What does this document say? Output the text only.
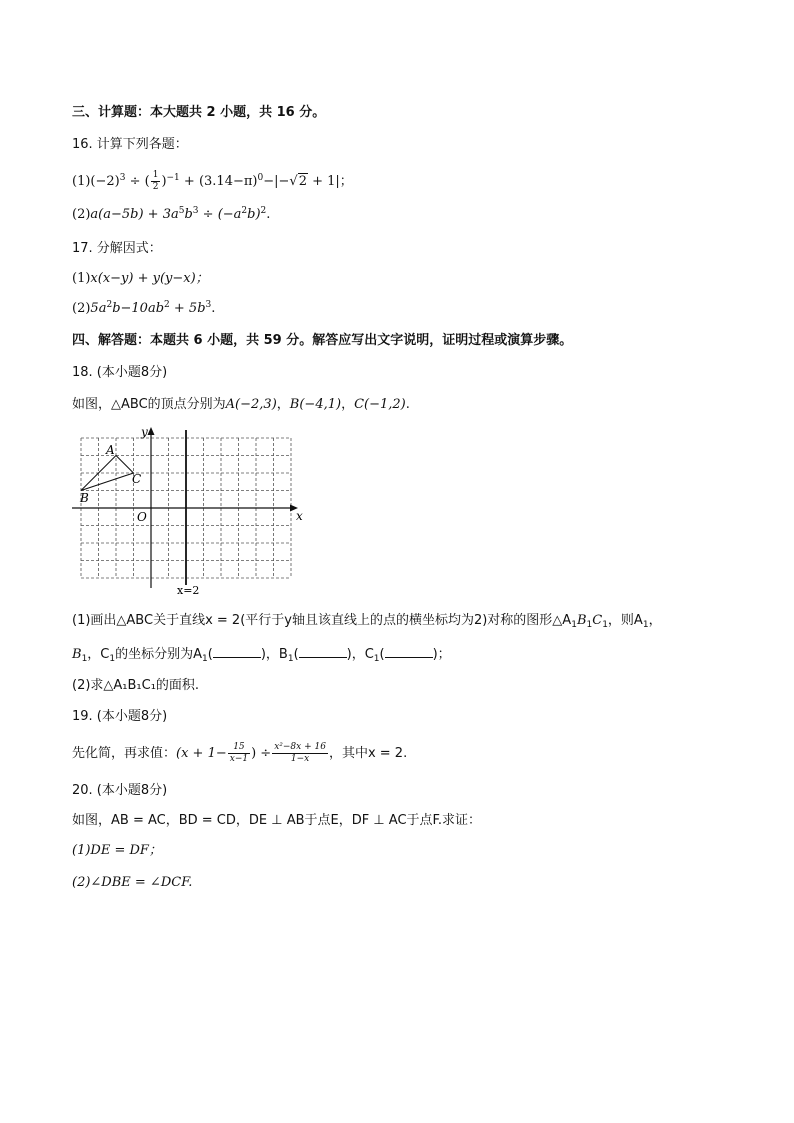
三、计算题：本大题共 2 小题，共 16 分。
16. 计算下列各题：
$(1)(-2)^3$ ÷ ( $\frac{1}{2} )^{-1} + (3.14-\pi)^0-|-√2 + 1|$；
$(2)a(a-5b) + 3a^5b^3 \div (-a^2b)^2$.
17. 分解因式：
(1)x(x−y) + y(y−x)；
$(2)5a^2b-10ab^2 + 5b^3$.
四、解答题：本题共 6 小题，共 59 分。解答应写出文字说明，证明过程或演算步骤。
18. (本小题8分)
如图，△ABC的顶点分别为A(−2,3)，B(−4,1)，C(−1,2).
y
x
O
A
B
C
x=2
(1)画出△ABC关于直线x = 2(平行于y轴且该直线上的点的横坐标均为2)对称的图形$\triangle A_1B_1C_1$，则$A_1$，
$B_1$，$C_1$的坐标分别为$A_1$(	)，$B_1$(	)，$C_1$(	)；
(2)求△A₁B₁C₁的面积.
19. (本小题8分)
先化简，再求值：($x + 1- \frac{15}{x-1}$ ) ÷ $\frac{\text{x²−8x + 16}}{1-x}$ ，其中x = 2.
20. (本小题8分)
如图，AB = AC，BD = CD，DE ⊥ AB于点E，DF ⊥ AC于点F.求证：
(1)DE = DF；
(2)∠DBE = ∠DCF.
